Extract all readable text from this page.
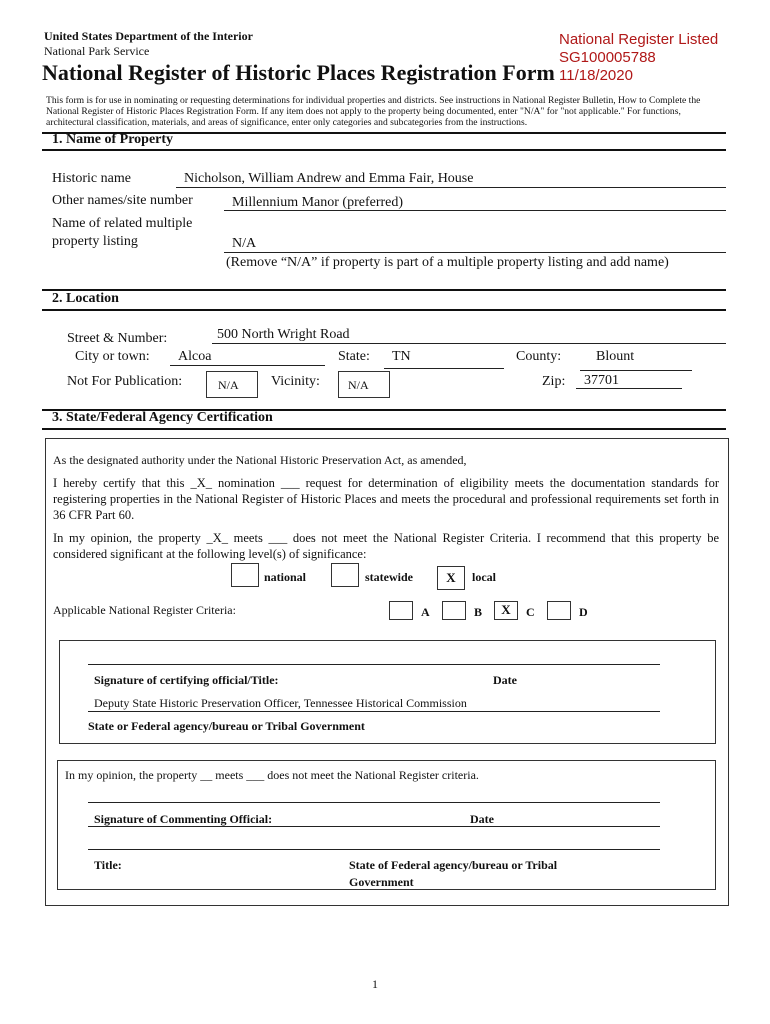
United States Department of the Interior
National Park Service
National Register of Historic Places Registration Form
National Register Listed
SG100005788
11/18/2020
This form is for use in nominating or requesting determinations for individual properties and districts. See instructions in National Register Bulletin, How to Complete the National Register of Historic Places Registration Form. If any item does not apply to the property being documented, enter "N/A" for "not applicable." For functions, architectural classification, materials, and areas of significance, enter only categories and subcategories from the instructions.
1. Name of Property
Historic name	Nicholson, William Andrew and Emma Fair, House
Other names/site number	Millennium Manor (preferred)
Name of related multiple
property listing	N/A
(Remove “N/A” if property is part of a multiple property listing and add name)
2. Location
Street & Number:	500 North Wright Road
City or town: Alcoa	State: TN	County: Blount
Not For Publication:	N/A Vicinity: N/A	Zip: 37701
3. State/Federal Agency Certification
As the designated authority under the National Historic Preservation Act, as amended,
I hereby certify that this _X_ nomination ___ request for determination of eligibility meets the documentation standards for registering properties in the National Register of Historic Places and meets the procedural and professional requirements set forth in 36 CFR Part 60.
In my opinion, the property _X_ meets ___ does not meet the National Register Criteria. I recommend that this property be considered significant at the following level(s) of significance:
national	statewide	X	local
Applicable National Register Criteria:	A	B	X	C	D
Signature of certifying official/Title:	Date
Deputy State Historic Preservation Officer, Tennessee Historical Commission
State or Federal agency/bureau or Tribal Government
In my opinion, the property __ meets ___ does not meet the National Register criteria.
Signature of Commenting Official:	Date
Title:	State of Federal agency/bureau or Tribal
Government
1
